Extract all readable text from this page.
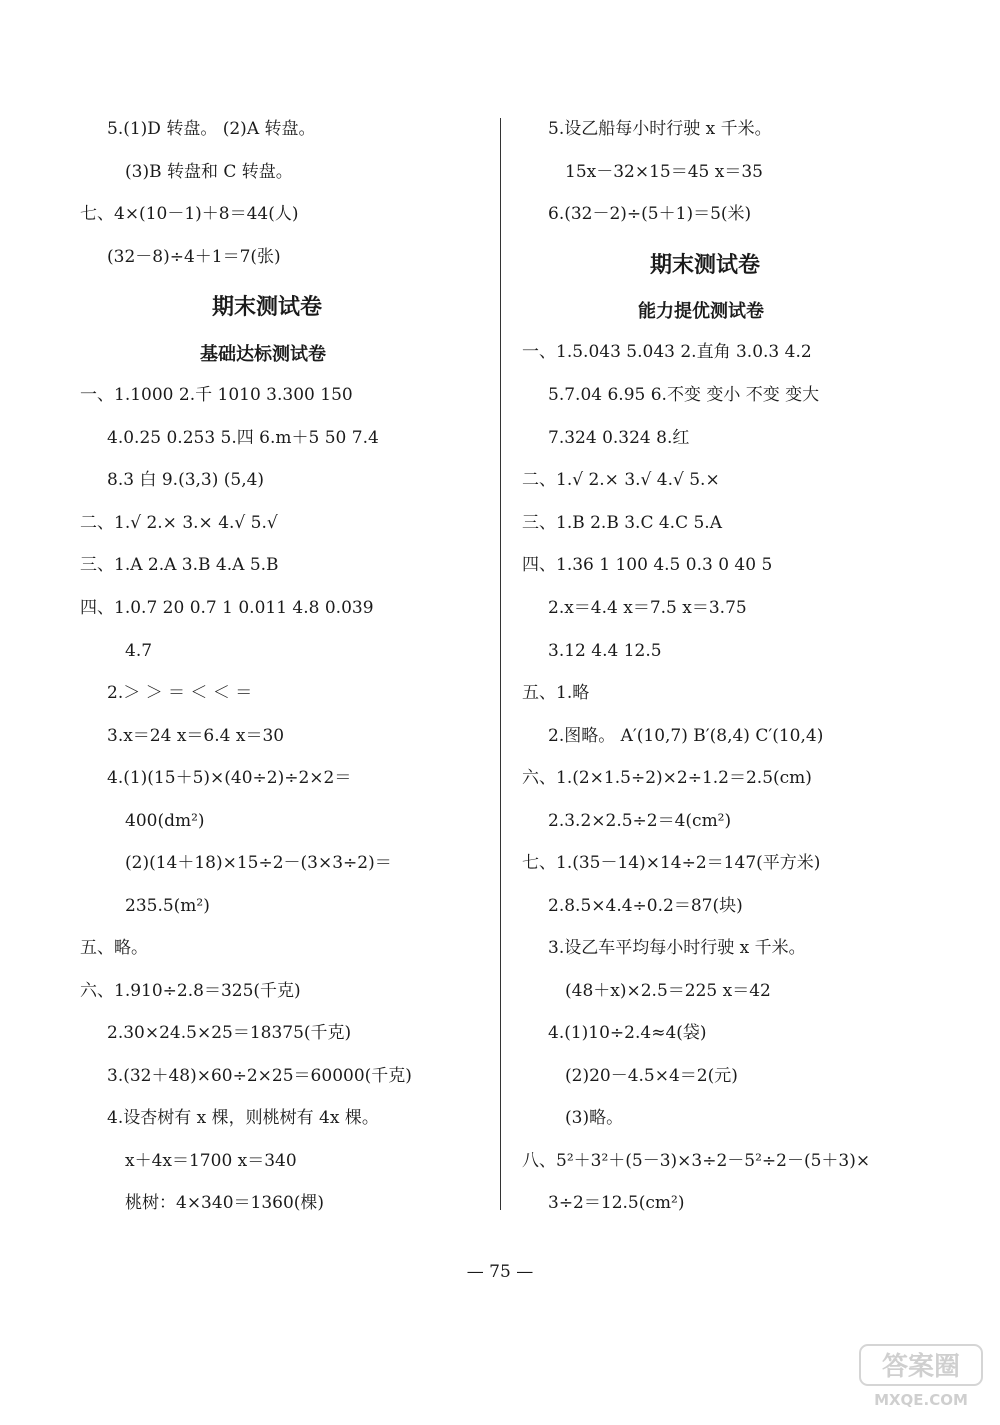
5.(1)D 转盘。 (2)A 转盘。
(3)B 转盘和 C 转盘。
七、4×(10－1)＋8＝44(人)
(32－8)÷4＋1＝7(张)
期末测试卷
基础达标测试卷
一、1.1000 2.千 1010 3.300 150
4.0.25 0.253 5.四 6.m＋5 50 7.4
8.3 白 9.(3,3) (5,4)
二、1.√ 2.× 3.× 4.√ 5.√
三、1.A 2.A 3.B 4.A 5.B
四、1.0.7 20 0.7 1 0.011 4.8 0.039
4.7
2.＞ ＞ ＝ ＜ ＜ ＝
3.x＝24 x＝6.4 x＝30
4.(1)(15＋5)×(40÷2)÷2×2＝
400(dm²)
(2)(14＋18)×15÷2－(3×3÷2)＝
235.5(m²)
五、略。
六、1.910÷2.8＝325(千克)
2.30×24.5×25＝18375(千克)
3.(32＋48)×60÷2×25＝60000(千克)
4.设杏树有 x 棵，则桃树有 4x 棵。
x＋4x＝1700 x＝340
桃树：4×340＝1360(棵)
5.设乙船每小时行驶 x 千米。
15x－32×15＝45 x＝35
6.(32－2)÷(5＋1)＝5(米)
期末测试卷
能力提优测试卷
一、1.5.043 5.043 2.直角 3.0.3 4.2
5.7.04 6.95 6.不变 变小 不变 变大
7.324 0.324 8.红
二、1.√ 2.× 3.√ 4.√ 5.×
三、1.B 2.B 3.C 4.C 5.A
四、1.36 1 100 4.5 0.3 0 40 5
2.x＝4.4 x＝7.5 x＝3.75
3.12 4.4 12.5
五、1.略
2.图略。 A′(10,7) B′(8,4) C′(10,4)
六、1.(2×1.5÷2)×2÷1.2＝2.5(cm)
2.3.2×2.5÷2＝4(cm²)
七、1.(35－14)×14÷2＝147(平方米)
2.8.5×4.4÷0.2＝87(块)
3.设乙车平均每小时行驶 x 千米。
(48＋x)×2.5＝225 x＝42
4.(1)10÷2.4≈4(袋)
(2)20－4.5×4＝2(元)
(3)略。
八、5²＋3²＋(5－3)×3÷2－5²÷2－(5＋3)×
3÷2＝12.5(cm²)
— 75 —
答案圈
MXQE.COM
